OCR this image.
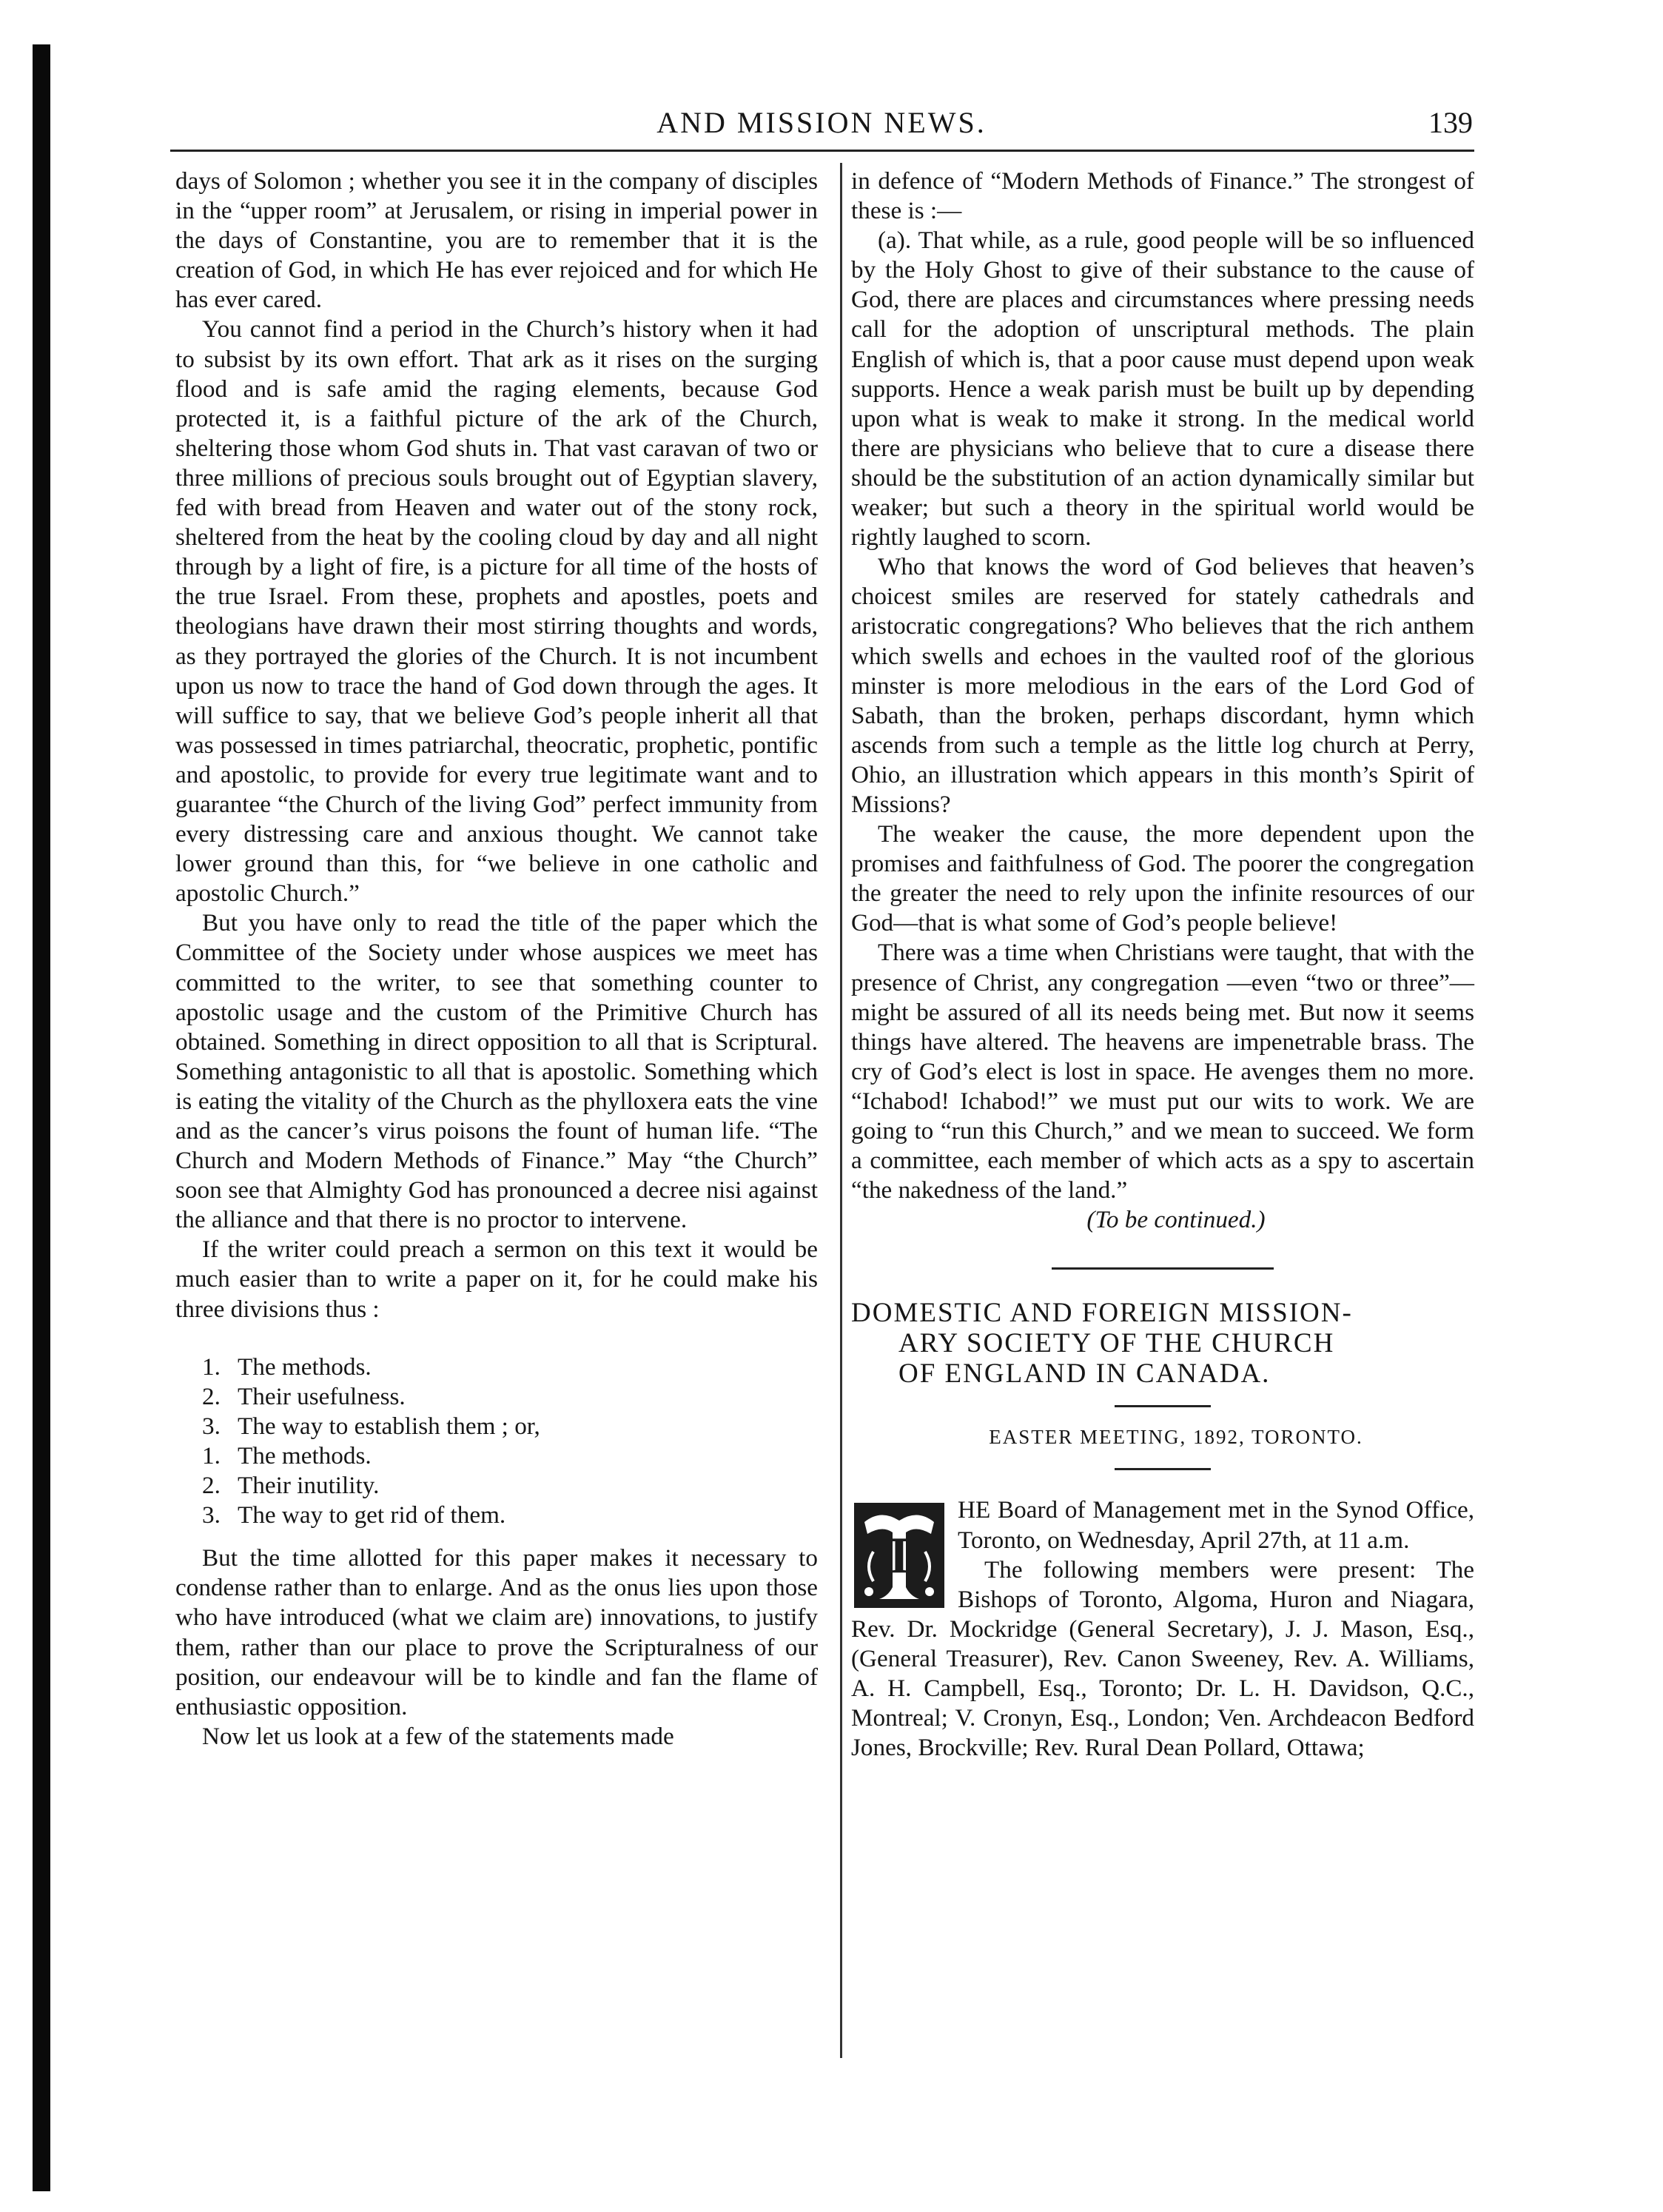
AND MISSION NEWS.	139

days of Solomon ; whether you see it in the company of disciples in the “upper room” at Jerusalem, or rising in imperial power in the days of Constantine, you are to remember that it is the creation of God, in which He has ever rejoiced and for which He has ever cared.

You cannot find a period in the Church’s history when it had to subsist by its own effort. That ark as it rises on the surging flood and is safe amid the raging elements, because God protected it, is a faithful picture of the ark of the Church, sheltering those whom God shuts in. That vast caravan of two or three millions of precious souls brought out of Egyptian slavery, fed with bread from Heaven and water out of the stony rock, sheltered from the heat by the cooling cloud by day and all night through by a light of fire, is a picture for all time of the hosts of the true Israel. From these, prophets and apostles, poets and theologians have drawn their most stirring thoughts and words, as they portrayed the glories of the Church. It is not incumbent upon us now to trace the hand of God down through the ages. It will suffice to say, that we believe God’s people inherit all that was possessed in times patriarchal, theocratic, prophetic, pontific and apostolic, to provide for every true legitimate want and to guarantee “the Church of the living God” perfect immunity from every distressing care and anxious thought. We cannot take lower ground than this, for “we believe in one catholic and apostolic Church.”

But you have only to read the title of the paper which the Committee of the Society under whose auspices we meet has committed to the writer, to see that something counter to apostolic usage and the custom of the Primitive Church has obtained. Something in direct opposition to all that is Scriptural. Something antagonistic to all that is apostolic. Something which is eating the vitality of the Church as the phylloxera eats the vine and as the cancer’s virus poisons the fount of human life. “The Church and Modern Methods of Finance.” May “the Church” soon see that Almighty God has pronounced a decree nisi against the alliance and that there is no proctor to intervene.

If the writer could preach a sermon on this text it would be much easier than to write a paper on it, for he could make his three divisions thus :

1. The methods.
2. Their usefulness.
3. The way to establish them ; or,
1. The methods.
2. Their inutility.
3. The way to get rid of them.

But the time allotted for this paper makes it necessary to condense rather than to enlarge. And as the onus lies upon those who have introduced (what we claim are) innovations, to justify them, rather than our place to prove the Scripturalness of our position, our endeavour will be to kindle and fan the flame of enthusiastic opposition.

Now let us look at a few of the statements made

in defence of “Modern Methods of Finance.” The strongest of these is :—

(a). That while, as a rule, good people will be so influenced by the Holy Ghost to give of their substance to the cause of God, there are places and circumstances where pressing needs call for the adoption of unscriptural methods. The plain English of which is, that a poor cause must depend upon weak supports. Hence a weak parish must be built up by depending upon what is weak to make it strong. In the medical world there are physicians who believe that to cure a disease there should be the substitution of an action dynamically similar but weaker; but such a theory in the spiritual world would be rightly laughed to scorn.

Who that knows the word of God believes that heaven’s choicest smiles are reserved for stately cathedrals and aristocratic congregations? Who believes that the rich anthem which swells and echoes in the vaulted roof of the glorious minster is more melodious in the ears of the Lord God of Sabath, than the broken, perhaps discordant, hymn which ascends from such a temple as the little log church at Perry, Ohio, an illustration which appears in this month’s Spirit of Missions?

The weaker the cause, the more dependent upon the promises and faithfulness of God. The poorer the congregation the greater the need to rely upon the infinite resources of our God—that is what some of God’s people believe!

There was a time when Christians were taught, that with the presence of Christ, any congregation —even “two or three”—might be assured of all its needs being met. But now it seems things have altered. The heavens are impenetrable brass. The cry of God’s elect is lost in space. He avenges them no more. “Ichabod! Ichabod!” we must put our wits to work. We are going to “run this Church,” and we mean to succeed. We form a committee, each member of which acts as a spy to ascertain “the nakedness of the land.”

(To be continued.)

DOMESTIC AND FOREIGN MISSION-
ARY SOCIETY OF THE CHURCH
OF ENGLAND IN CANADA.

EASTER MEETING, 1892, TORONTO.

T

HE Board of Management met in the Synod Office, Toronto, on Wednesday, April 27th, at 11 a.m.

The following members were present: The Bishops of Toronto, Algoma, Huron and Niagara, Rev. Dr. Mockridge (General Secretary), J. J. Mason, Esq., (General Treasurer), Rev. Canon Sweeney, Rev. A. Williams, A. H. Campbell, Esq., Toronto; Dr. L. H. Davidson, Q.C., Montreal; V. Cronyn, Esq., London; Ven. Archdeacon Bedford Jones, Brockville; Rev. Rural Dean Pollard, Ottawa;
